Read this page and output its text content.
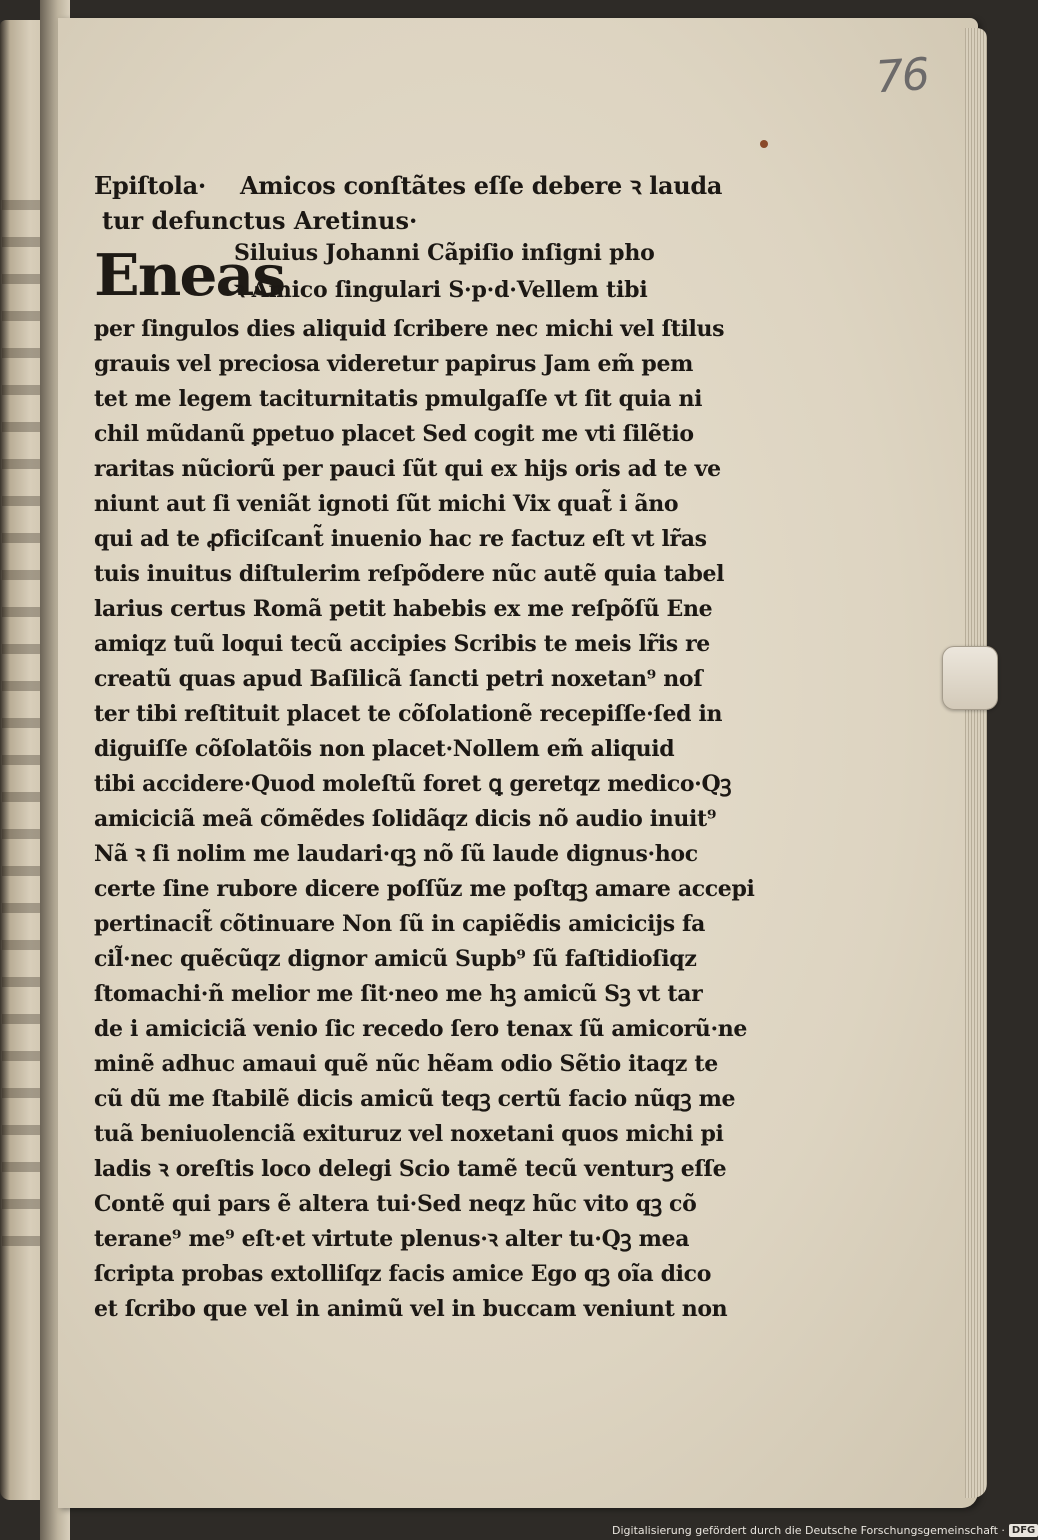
76
Epiſtola· Amicos conſtãtes eſſe debere ꝛ lauda
tur defunctus Aretinus·
Eneas
Siluius Johanni Cãpiſio inſigni pho
ꝛ Amico ſingulari S·p·d·Vellem tibi
per ſingulos dies aliquid ſcribere nec michi vel ſtilus
grauis vel preciosa videretur papirus Jam em̃ pem
tet me legem taciturnitatis pmulgaſſe vt ſit quia ni
chil mũdanũ ꝑpetuo placet Sed cogit me vti ſilẽtio
raritas nũciorũ per pauci ſũt qui ex hijs oris ad te ve
niunt aut ſi veniãt ignoti ſũt michi Vix quat̃ i ãno
qui ad te ꝓficiſcant̃ inuenio hac re factuz eſt vt lr̃as
tuis inuitus diſtulerim reſpõdere nũc autẽ quia tabel
larius certus Romã petit habebis ex me reſpõſũ Ene
amiqz tuũ loqui tecũ accipies Scribis te meis lr̃is re
creatũ quas apud Baſilicã ſancti petri noxetan⁹ noſ
ter tibi reſtituit placet te cõſolationẽ recepiſſe·ſed in
diguiſſe cõſolatõis non placet·Nollem em̃ aliquid
tibi accidere·Quod moleſtũ foret ꝗ geretqz medico·Qꝫ
amiciciã meã cõmẽdes ſolidãqz dicis nõ audio inuit⁹
Nã ꝛ ſi nolim me laudari·qꝫ nõ ſũ laude dignus·hoc
certe ſine rubore dicere poſſũz me poſtqꝫ amare accepi
pertinacit̃ cõtinuare Non ſũ in capiẽdis amicicijs fa
cil̃·nec quẽcũqz dignor amicũ Supb⁹ ſũ faſtidioſiqz
ſtomachi·ñ melior me ſit·neo me hꝫ amicũ Sꝫ vt tar
de i amiciciã venio ſic recedo ſero tenax ſũ amicorũ·ne
minẽ adhuc amaui quẽ nũc hẽam odio Sẽtio itaqz te
cũ dũ me ſtabilẽ dicis amicũ teqꝫ certũ facio nũqꝫ me
tuã beniuolenciã exituruz vel noxetani quos michi pi
ladis ꝛ oreſtis loco delegi Scio tamẽ tecũ venturꝫ eſſe
Contẽ qui pars ẽ altera tui·Sed neqz hũc vito qꝫ cõ
terane⁹ me⁹ eſt·et virtute plenus·ꝛ alter tu·Qꝫ mea
ſcripta probas extolliſqz facis amice Ego qꝫ oĩa dico
et ſcribo que vel in animũ vel in buccam veniunt non
Digitalisierung gefördert durch die Deutsche Forschungsgemeinschaft · DFG
